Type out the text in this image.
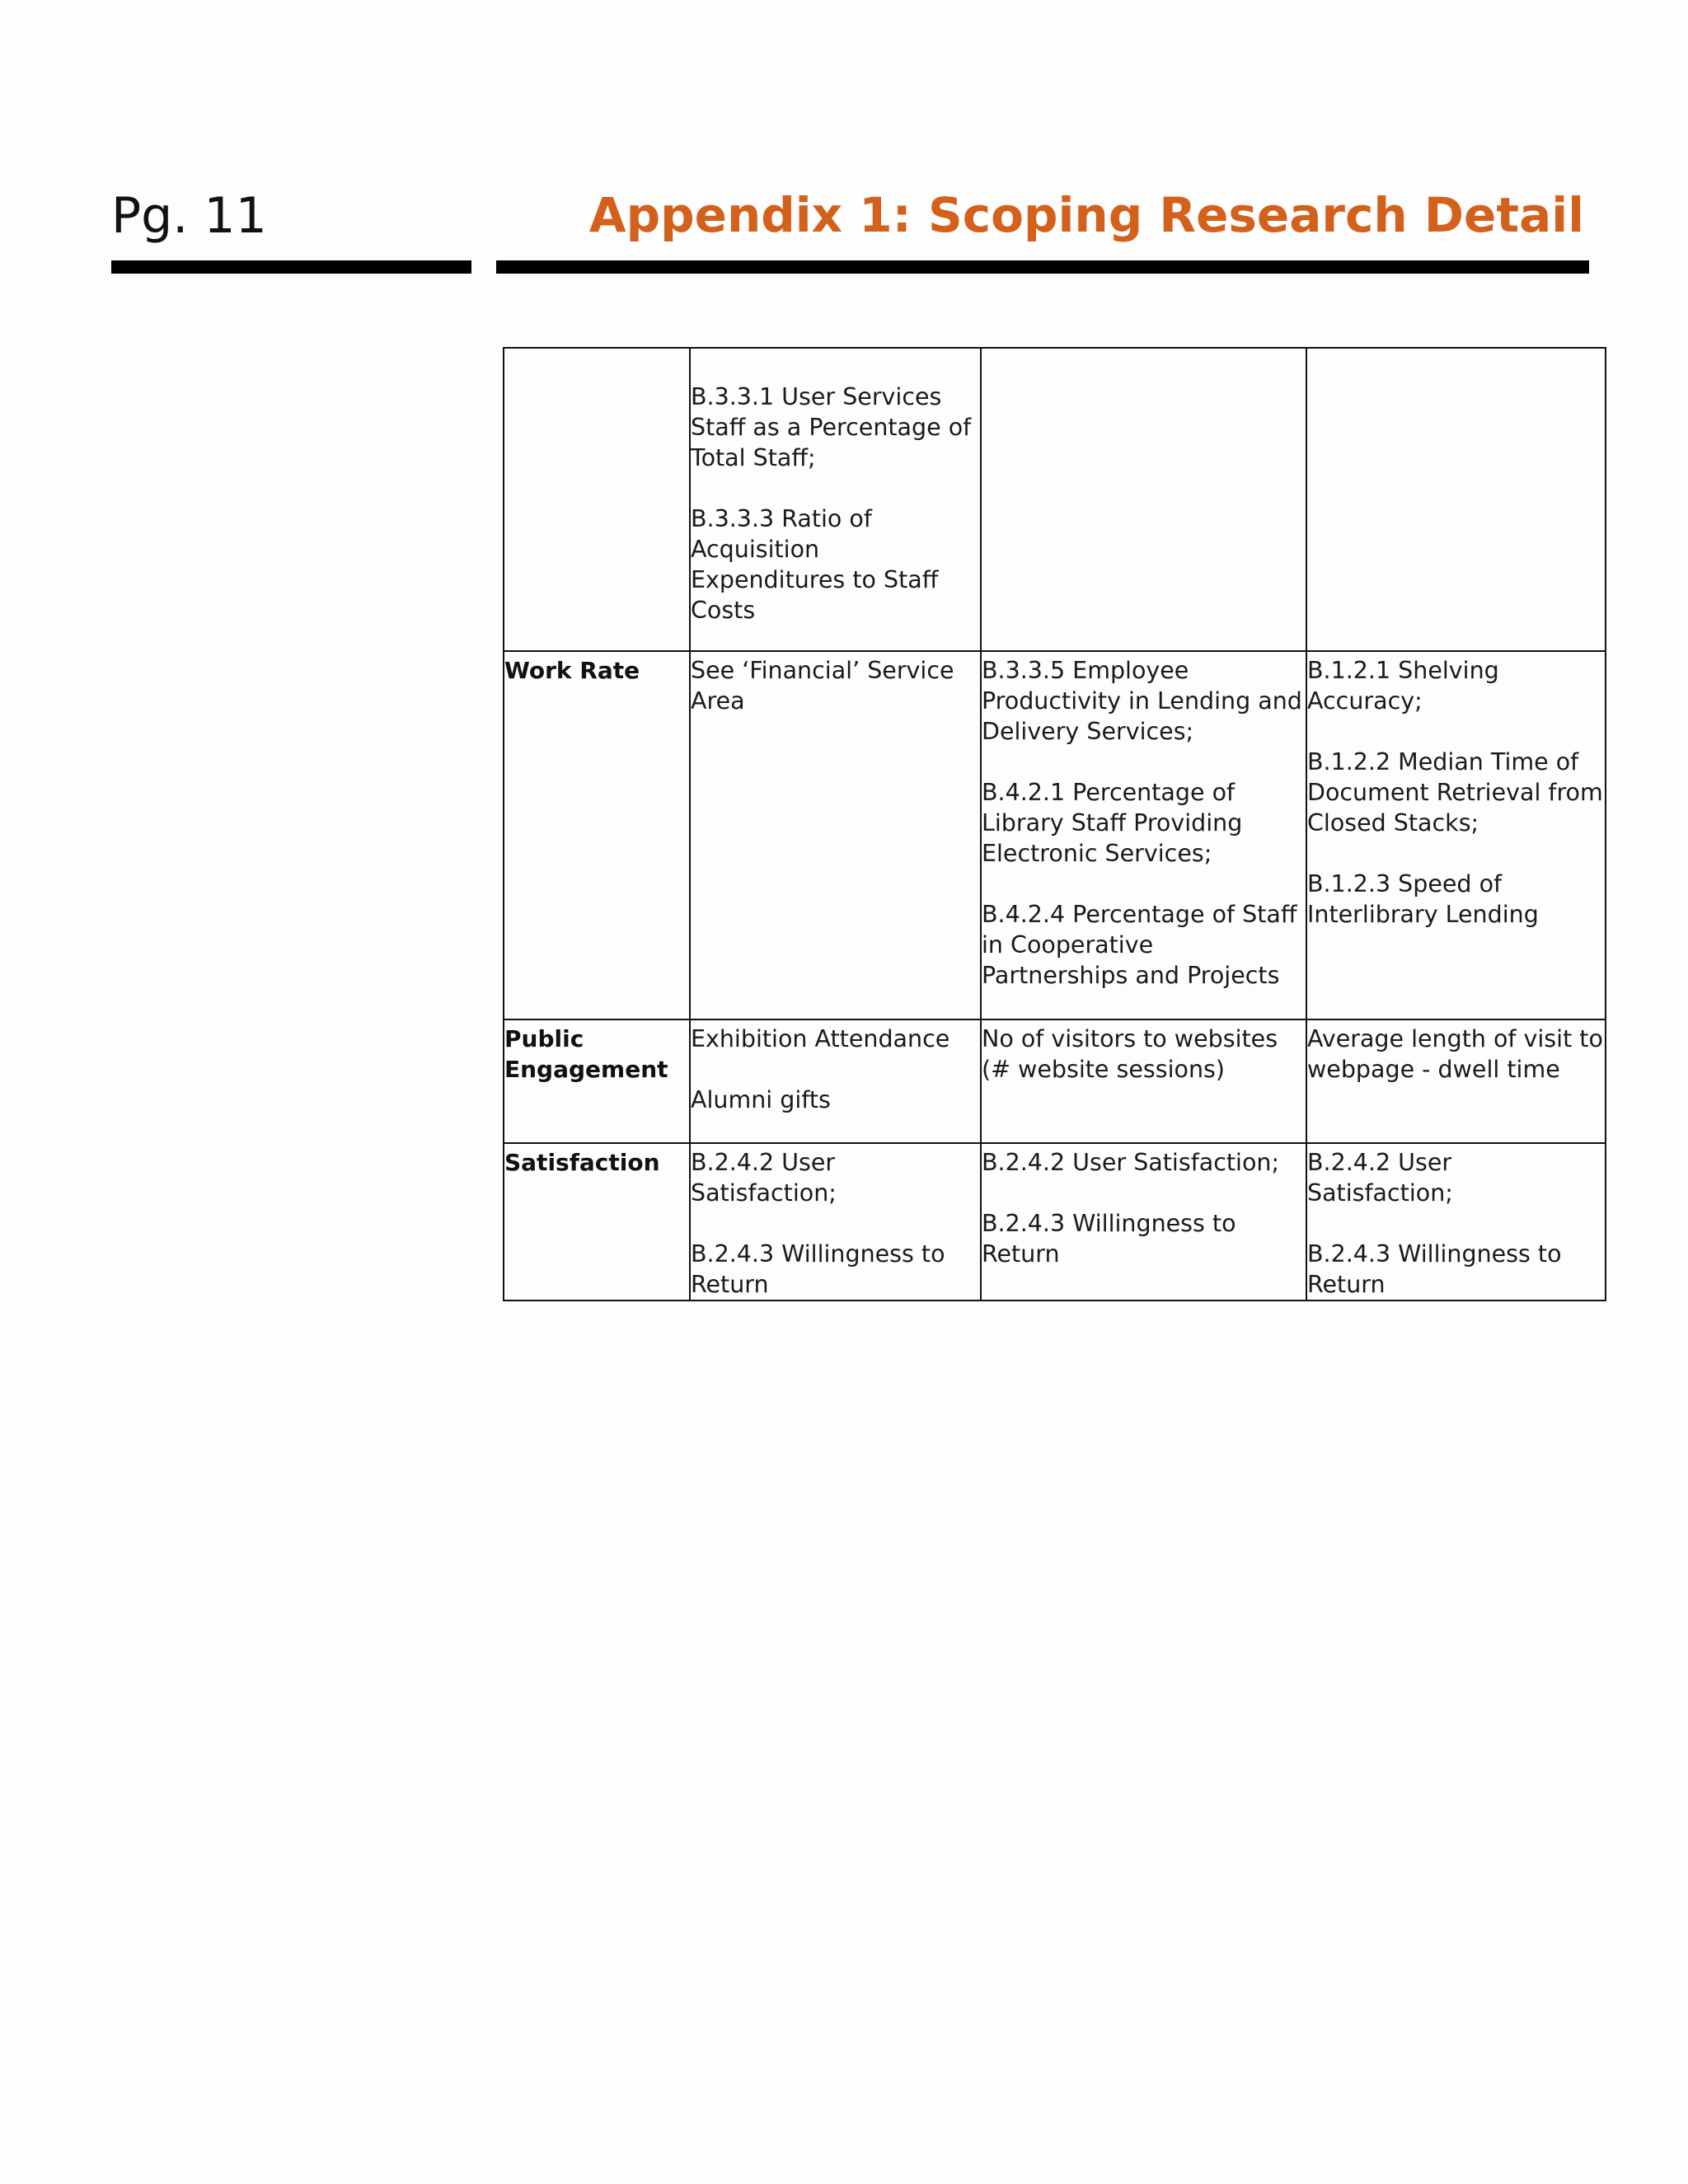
Pg. 11	Appendix 1: Scoping Research Detail

	B.3.3.1 User Services Staff as a Percentage of Total Staff;
B.3.3.3 Ratio of Acquisition Expenditures to Staff Costs		

Work Rate	See ‘Financial’ Service Area	B.3.3.5 Employee Productivity in Lending and Delivery Services;
B.4.2.1 Percentage of Library Staff Providing Electronic Services;
B.4.2.4 Percentage of Staff in Cooperative Partnerships and Projects	B.1.2.1 Shelving Accuracy;
B.1.2.2 Median Time of Document Retrieval from Closed Stacks;
B.1.2.3 Speed of Interlibrary Lending

Public Engagement	Exhibition Attendance
Alumni gifts	No of visitors to websites (# website sessions)	Average length of visit to webpage - dwell time

Satisfaction	B.2.4.2 User Satisfaction;
B.2.4.3 Willingness to Return	B.2.4.2 User Satisfaction;
B.2.4.3 Willingness to Return	B.2.4.2 User Satisfaction;
B.2.4.3 Willingness to Return
